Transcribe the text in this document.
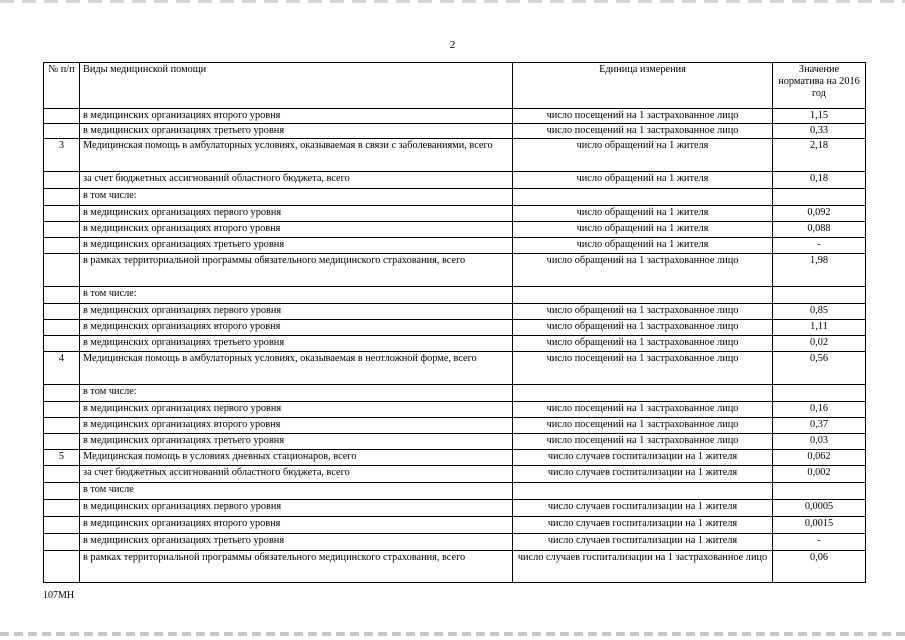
2
№ п/п	Виды медицинской помощи	Единица измерения	Значение норматива на 2016 год
	в медицинских организациях второго уровня	число посещений на 1 застрахованное лицо	1,15
	в медицинских организациях третьего уровня	число посещений на 1 застрахованное лицо	0,33
3	Медицинская помощь в амбулаторных условиях, оказываемая в связи с заболеваниями, всего	число обращений на 1 жителя	2,18
	за счет бюджетных ассигнований областного бюджета, всего	число обращений на 1 жителя	0,18
	в том числе:		
	в медицинских организациях первого уровня	число обращений на 1 жителя	0,092
	в медицинских организациях второго уровня	число обращений на 1 жителя	0,088
	в медицинских организациях третьего уровня	число обращений на 1 жителя	-
	в рамках территориальной программы обязательного медицинского страхования, всего	число обращений на 1 застрахованное лицо	1,98
	в том числе:		
	в медицинских организациях первого уровня	число обращений на 1 застрахованное лицо	0,85
	в медицинских организациях второго уровня	число обращений на 1 застрахованное лицо	1,11
	в медицинских организациях третьего уровня	число обращений на 1 застрахованное лицо	0,02
4	Медицинская помощь в амбулаторных условиях, оказываемая в неотложной форме, всего	число посещений на 1 застрахованное лицо	0,56
	в том числе:		
	в медицинских организациях первого уровня	число посещений на 1 застрахованное лицо	0,16
	в медицинских организациях второго уровня	число посещений на 1 застрахованное лицо	0,37
	в медицинских организациях третьего уровня	число посещений на 1 застрахованное лицо	0,03
5	Медицинская помощь в условиях дневных стационаров, всего	число случаев госпитализации на 1 жителя	0,062
	за счет бюджетных ассигнований областного бюджета, всего	число случаев госпитализации на 1 жителя	0,002
	в том числе		
	в медицинских организациях первого уровня	число случаев госпитализации на 1 жителя	0,0005
	в медицинских организациях второго уровня	число случаев госпитализации на 1 жителя	0,0015
	в медицинских организациях третьего уровня	число случаев госпитализации на 1 жителя	-
	в рамках территориальной программы обязательного медицинского страхования, всего	число случаев госпитализации на 1 застрахованное лицо	0,06
107МН
